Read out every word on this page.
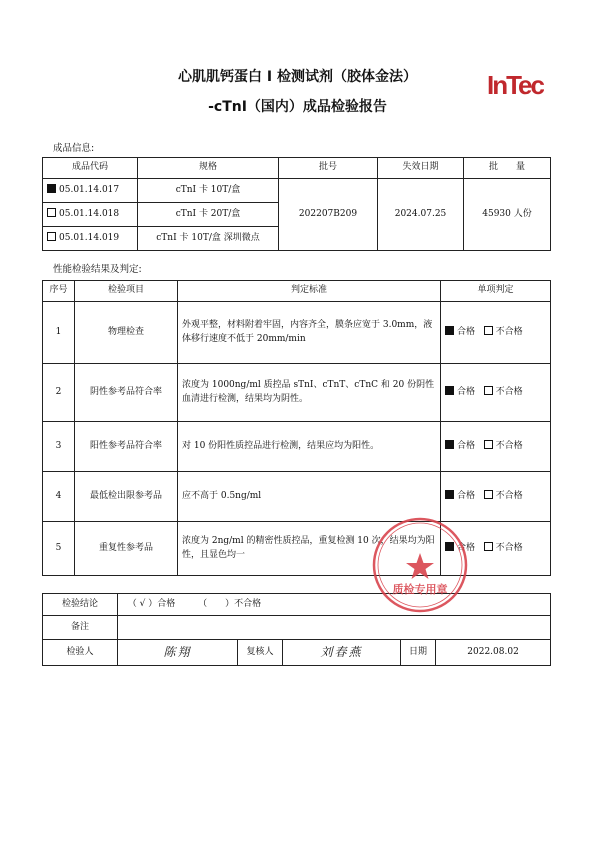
心肌肌钙蛋白 I 检测试剂（胶体金法）
-cTnI（国内）成品检验报告
InTec
成品信息:
成品代码	规格	批号	失效日期	批　　量
05.01.14.017	cTnI 卡 10T/盒	202207B209	2024.07.25	45930 人份
05.01.14.018	cTnI 卡 20T/盒			
05.01.14.019	cTnI 卡 10T/盒 深圳微点			
性能检验结果及判定:
序号	检验项目	判定标准	单项判定
1	物理检查	外观平整，材料附着牢固，内容齐全，膜条应宽于 3.0mm，液体移行速度不低于 20mm/min	合格 不合格
2	阴性参考品符合率	浓度为 1000ng/ml 质控品 sTnI、cTnT、cTnC 和 20 份阴性血清进行检测，结果均为阴性。	合格 不合格
3	阳性参考品符合率	对 10 份阳性质控品进行检测，结果应均为阳性。	合格 不合格
4	最低检出限参考品	应不高于 0.5ng/ml	合格 不合格
5	重复性参考品	浓度为 2ng/ml 的精密性质控品，重复检测 10 次，结果均为阳性，且显色均一	合格 不合格
检验结论	（ √ ）合格 （　　）不合格				
备注					
检验人	陈翔	复核人	刘春燕	日期	2022.08.02
质检专用章
